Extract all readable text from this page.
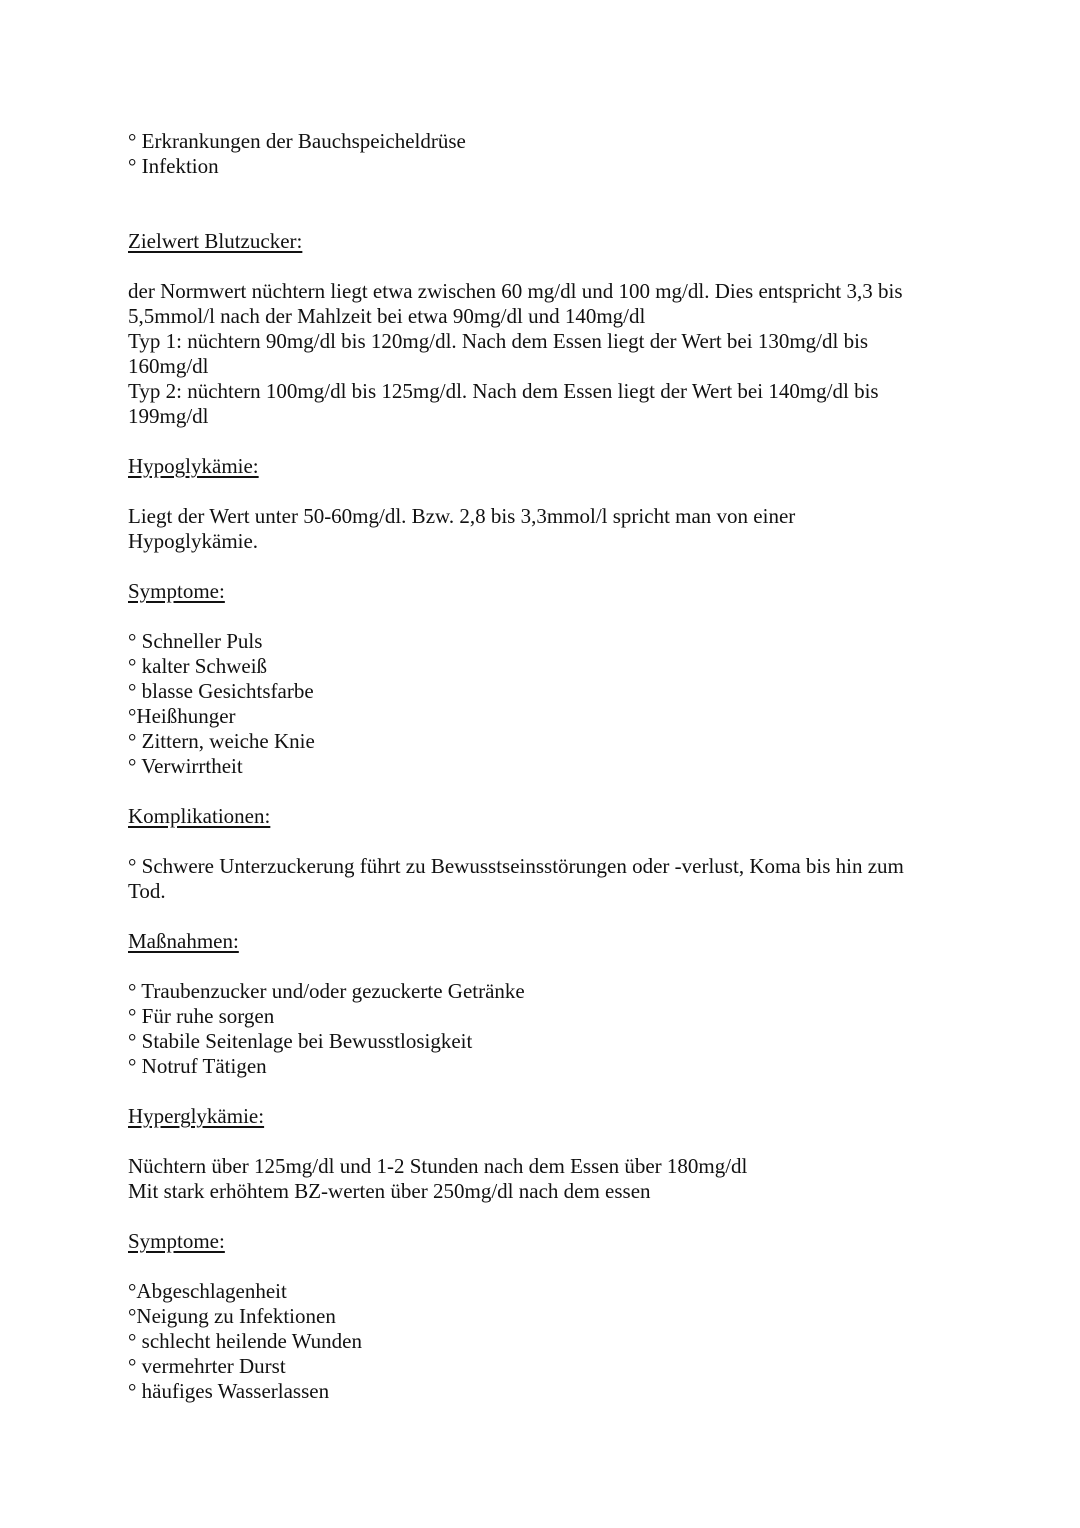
° Erkrankungen der Bauchspeicheldrüse
° Infektion
Zielwert Blutzucker:
der Normwert nüchtern liegt etwa zwischen 60 mg/dl und 100 mg/dl. Dies entspricht 3,3 bis
5,5mmol/l nach der Mahlzeit bei etwa 90mg/dl und 140mg/dl
Typ 1: nüchtern 90mg/dl bis 120mg/dl. Nach dem Essen liegt der Wert bei 130mg/dl bis
160mg/dl
Typ 2: nüchtern 100mg/dl bis 125mg/dl. Nach dem Essen liegt der Wert bei 140mg/dl bis
199mg/dl
Hypoglykämie:
Liegt der Wert unter 50-60mg/dl. Bzw. 2,8 bis 3,3mmol/l spricht man von einer
Hypoglykämie.
Symptome:
° Schneller Puls
° kalter Schweiß
° blasse Gesichtsfarbe
°Heißhunger
° Zittern, weiche Knie
° Verwirrtheit
Komplikationen:
° Schwere Unterzuckerung führt zu Bewusstseinsstörungen oder -verlust, Koma bis hin zum
Tod.
Maßnahmen:
° Traubenzucker und/oder gezuckerte Getränke
° Für ruhe sorgen
° Stabile Seitenlage bei Bewusstlosigkeit
° Notruf Tätigen
Hyperglykämie:
Nüchtern über 125mg/dl und 1-2 Stunden nach dem Essen über 180mg/dl
Mit stark erhöhtem BZ-werten über 250mg/dl nach dem essen
Symptome:
°Abgeschlagenheit
°Neigung zu Infektionen
° schlecht heilende Wunden
° vermehrter Durst
° häufiges Wasserlassen
